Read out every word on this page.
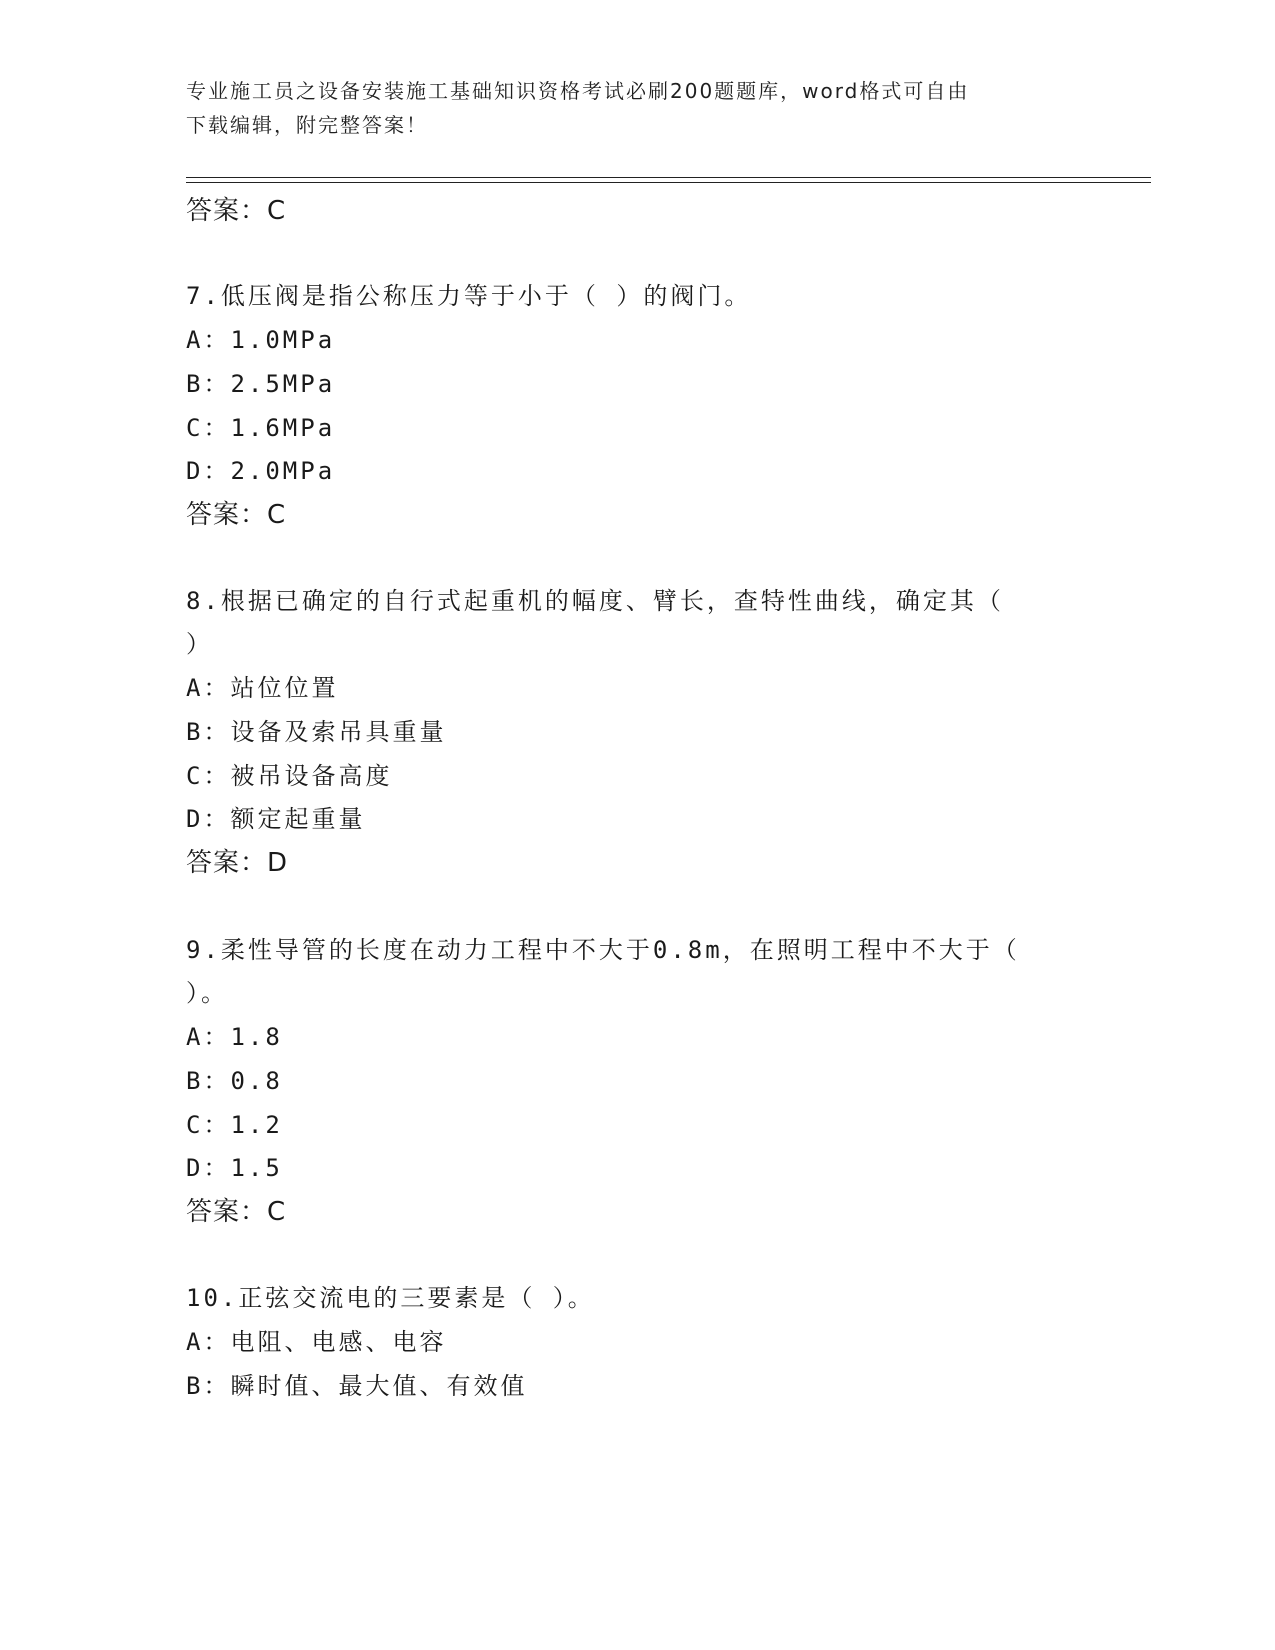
专业施工员之设备安装施工基础知识资格考试必刷200题题库，word格式可自由
下载编辑，附完整答案！
答案：C
7.低压阀是指公称压力等于小于（ ）的阀门。
A：1.0MPa
B：2.5MPa
C：1.6MPa
D：2.0MPa
答案：C
8.根据已确定的自行式起重机的幅度、臂长，查特性曲线，确定其（
）
A：站位位置
B：设备及索吊具重量
C：被吊设备高度
D：额定起重量
答案：D
9.柔性导管的长度在动力工程中不大于0.8m，在照明工程中不大于（
）。
A：1.8
B：0.8
C：1.2
D：1.5
答案：C
10.正弦交流电的三要素是（ ）。
A：电阻、电感、电容
B：瞬时值、最大值、有效值
